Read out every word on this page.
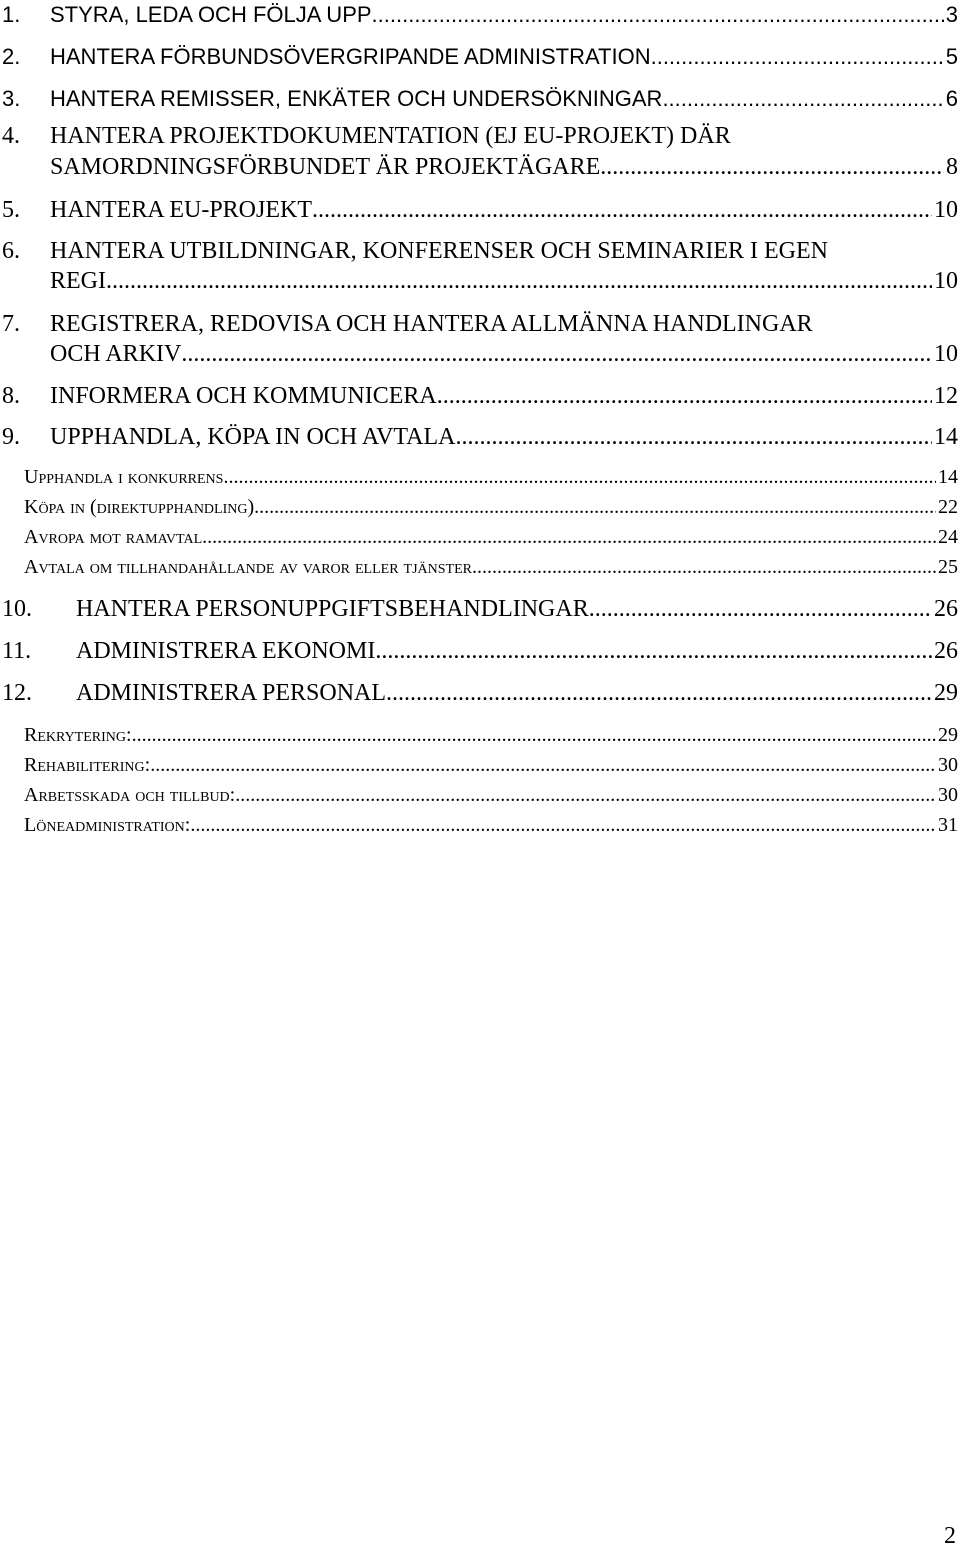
1.	STYRA, LEDA OCH FÖLJA UPP .....	3
2.	HANTERA FÖRBUNDSÖVERGRIPANDE ADMINISTRATION .....	5
3.	HANTERA REMISSER, ENKÄTER OCH UNDERSÖKNINGAR .....	6
4. HANTERA PROJEKTDOKUMENTATION (EJ EU-PROJEKT) DÄR
SAMORDNINGSFÖRBUNDET ÄR PROJEKTÄGARE .....	8
5.	HANTERA EU-PROJEKT .....	10
6. HANTERA UTBILDNINGAR, KONFERENSER OCH SEMINARIER I EGEN
REGI .....	10
7. REGISTRERA, REDOVISA OCH HANTERA ALLMÄNNA HANDLINGAR
OCH ARKIV .....	10
8.	INFORMERA OCH KOMMUNICERA .....	12
9.	UPPHANDLA, KÖPA IN OCH AVTALA .....	14
Upphandla i konkurrens .....	14
Köpa in (direktupphandling) .....	22
Avropa mot ramavtal .....	24
Avtala om tillhandahållande av varor eller tjänster .....	25
10.	HANTERA PERSONUPPGIFTSBEHANDLINGAR .....	26
11.	ADMINISTRERA EKONOMI .....	26
12.	ADMINISTRERA PERSONAL .....	29
Rekrytering: .....	29
Rehabilitering: .....	30
Arbetsskada och tillbud: .....	30
Löneadministration: .....	31
2
